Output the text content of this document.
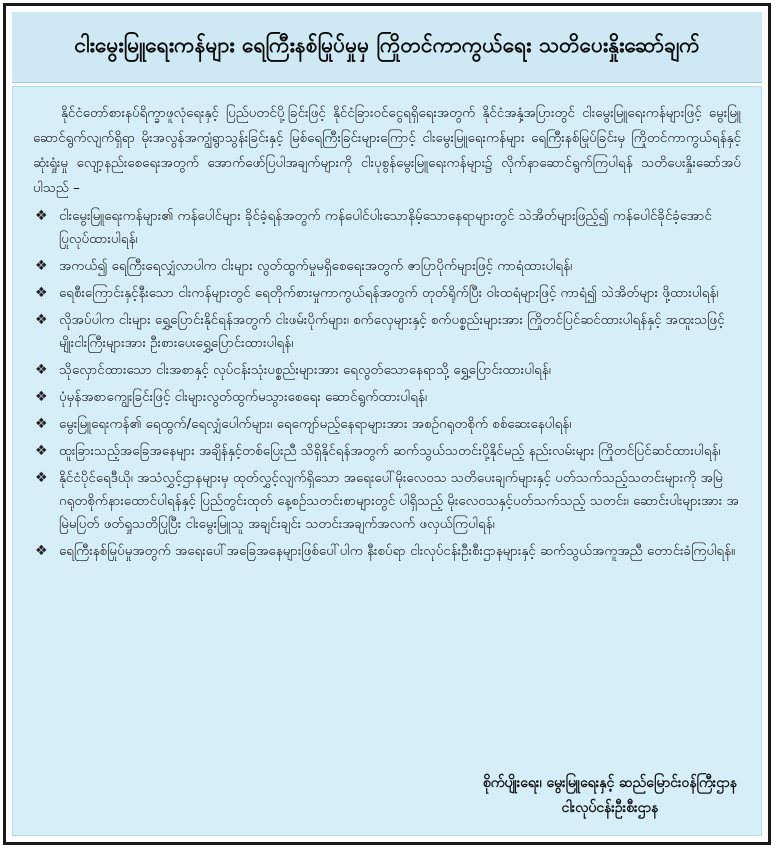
ငါးမွေးမြူရေးကန်များ ရေကြီးနစ်မြုပ်မှုမှ ကြိုတင်ကာကွယ်ရေး သတိပေးနှိုးဆော်ချက်

နိုင်ငံတော်စားနပ်ရိက္ခာဖူလုံရေးနှင့် ပြည်ပတင်ပို့ခြင်းဖြင့် နိုင်ငံခြားဝင်ငွေရရှိရေးအတွက် နိုင်ငံအနှံ့အပြားတွင် ငါးမွေးမြူရေးကန်များဖြင့် မွေးမြူဆောင်ရွက်လျက်ရှိရာ မိုးအလွန်အကျွံရွာသွန်းခြင်းနှင့် မြစ်ရေကြီးခြင်းများကြောင့် ငါးမွေးမြူရေးကန်များ ရေကြီးနစ်မြုပ်ခြင်းမှ ကြိုတင်ကာကွယ်ရန်နှင့် ဆုံးရှုံးမှု လျော့နည်းစေရေးအတွက် အောက်ဖော်ပြပါအချက်များကို ငါးပုစွန်မွေးမြူရေးကန်များ၌ လိုက်နာဆောင်ရွက်ကြပါရန် သတိပေးနှိုးဆော်အပ်ပါသည် –

❖ ငါးမွေးမြူရေးကန်များ၏ ကန်ပေါင်များ ခိုင်ခံ့ရန်အတွက် ကန်ပေါင်ပါးသောနိမ့်သောနေရာများတွင် သဲအိတ်များဖြည့်၍ ကန်ပေါင်ခိုင်ခံ့အောင် ပြုလုပ်ထားပါရန်၊
❖ အကယ်၍ ရေကြီးရေလျှံလာပါက ငါးများ လွတ်ထွက်မှုမရှိစေရေးအတွက် ဇာပြာပိုက်များဖြင့် ကာရံထားပါရန်၊
❖ ရေစီးကြောင်းနှင့်နီးသော ငါးကန်များတွင် ရေတိုက်စားမှုကာကွယ်ရန်အတွက် တုတ်ရိုက်ပြီး ဝါးထရံများဖြင့် ကာရံ၍ သဲအိတ်များ ဖို့ထားပါရန်၊
❖ လိုအပ်ပါက ငါးများ ရွှေ့ပြောင်းနိုင်ရန်အတွက် ငါးဖမ်းပိုက်များ၊ စက်လှေများနှင့် စက်ပစ္စည်းများအား ကြိုတင်ပြင်ဆင်ထားပါရန်နှင့် အထူးသဖြင့် မျိုးငါးကြီးများအား ဦးစားပေးရွှေ့ပြောင်းထားပါရန်၊
❖ သိုလှောင်ထားသော ငါးအစာနှင့် လုပ်ငန်းသုံးပစ္စည်းများအား ရေလွတ်သောနေရာသို့ ရွှေ့ပြောင်းထားပါရန်၊
❖ ပုံမှန်အစာကျွေးခြင်းဖြင့် ငါးများလွတ်ထွက်မသွားစေရေး ဆောင်ရွက်ထားပါရန်၊
❖ မွေးမြူရေးကန်၏ ရေထွက်/ရေလျှံပေါက်များ၊ ရေကျော်မည့်နေရာများအား အစဉ်ဂရုတစိုက် စစ်ဆေးနေပါရန်၊
❖ ထူးခြားသည့်အခြေအနေများ အချိန်နှင့်တစ်ပြေးညီ သိရှိနိုင်ရန်အတွက် ဆက်သွယ်သတင်းပို့နိုင်မည့် နည်းလမ်းများ ကြိုတင်ပြင်ဆင်ထားပါရန်၊
❖ နိုင်ငံပိုင်ရေဒီယို၊ အသံလွှင့်ဌာနများမှ ထုတ်လွှင့်လျက်ရှိသော အရေးပေါ်မိုးလေဝသ သတိပေးချက်များနှင့် ပတ်သက်သည့်သတင်းများကို အမြဲဂရုတစိုက်နားထောင်ပါရန်နှင့် ပြည်တွင်းထုတ် နေ့စဉ်သတင်းစာများတွင် ပါရှိသည့် မိုးလေဝသနှင့်ပတ်သက်သည့် သတင်း၊ ဆောင်းပါးများအား အမြဲမပြတ် ဖတ်ရှုသတိပြုပြီး ငါးမွေးမြူသူ အချင်းချင်း သတင်းအချက်အလက် ဖလှယ်ကြပါရန်၊
❖ ရေကြီးနစ်မြုပ်မှုအတွက် အရေးပေါ်အခြေအနေများဖြစ်ပေါ်ပါက နီးစပ်ရာ ငါးလုပ်ငန်းဦးစီးဌာနများနှင့် ဆက်သွယ်အကူအညီ တောင်းခံကြပါရန်။
စိုက်ပျိုးရေး၊ မွေးမြူရေးနှင့် ဆည်မြောင်းဝန်ကြီးဌာန
ငါးလုပ်ငန်းဦးစီးဌာန
